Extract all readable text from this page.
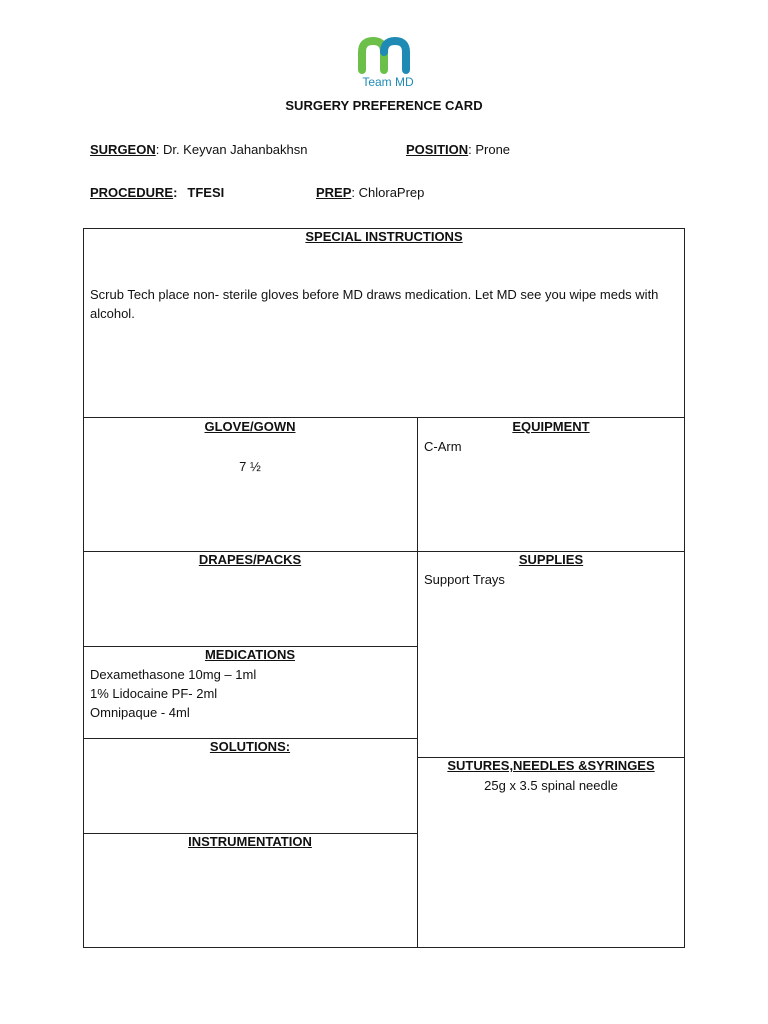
Team MD
SURGERY PREFERENCE CARD
SURGEON: Dr. Keyvan Jahanbakhsn	POSITION: Prone
PROCEDURE: TFESI	PREP: ChloraPrep
SPECIAL INSTRUCTIONS
Scrub Tech place non- sterile gloves before MD draws medication. Let MD see you wipe meds with alcohol.
GLOVE/GOWN
7 ½
EQUIPMENT
C-Arm
DRAPES/PACKS	SUPPLIES
Support Trays
MEDICATIONS
Dexamethasone 10mg – 1ml
1% Lidocaine PF- 2ml
Omnipaque - 4ml
SOLUTIONS:
SUTURES,NEEDLES &SYRINGES
25g x 3.5 spinal needle
INSTRUMENTATION
